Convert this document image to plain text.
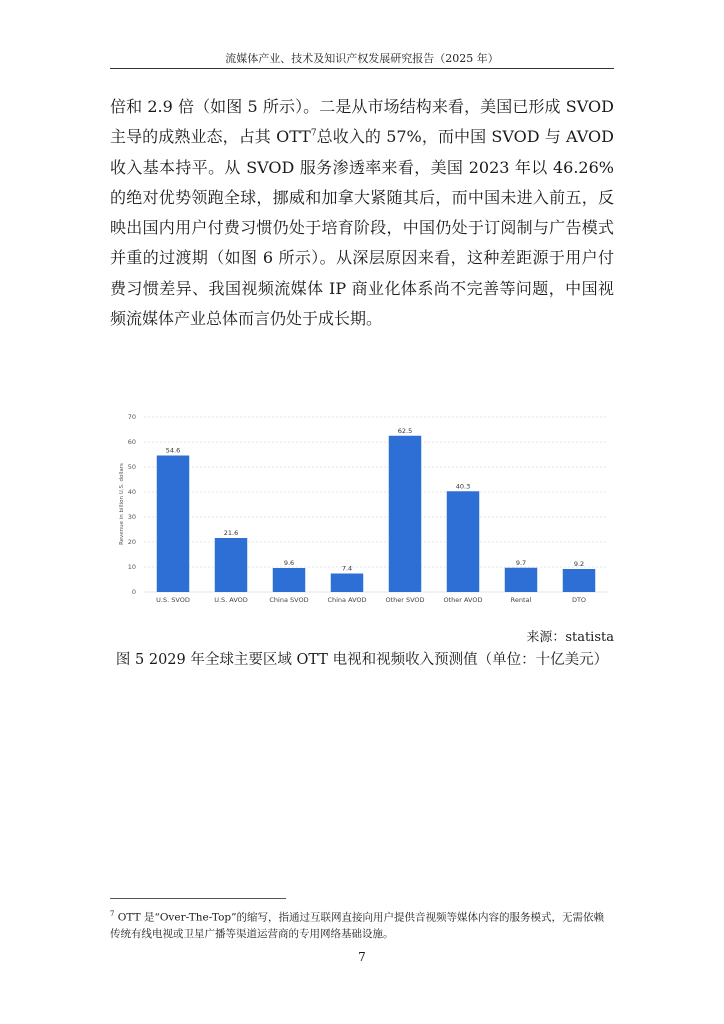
流媒体产业、技术及知识产权发展研究报告（2025 年）

倍和 2.9 倍（如图 5 所示）。二是从市场结构来看，美国已形成 SVOD 主导的成熟业态，占其 OTT$^7$总收入的 57%，而中国 SVOD 与 AVOD 收入基本持平。从 SVOD 服务渗透率来看，美国 2023 年以 46.26%的绝对优势领跑全球，挪威和加拿大紧随其后，而中国未进入前五，反映出国内用户付费习惯仍处于培育阶段，中国仍处于订阅制与广告模式并重的过渡期（如图 6 所示）。从深层原因来看，这种差距源于用户付费习惯差异、我国视频流媒体 IP 商业化体系尚不完善等问题，中国视频流媒体产业总体而言仍处于成长期。

0
10
20
30
40
50
60
70
54.6
U.S. SVOD
21.6
U.S. AVOD
9.6
China SVOD
7.4
China AVOD
62.5
Other SVOD
40.3
Other AVOD
9.7
Rental
9.2
DTO
Revenue in billion U.S. dollars
来源：statista
图 5 2029 年全球主要区域 OTT 电视和视频收入预测值（单位：十亿美元）
$^7$ OTT 是“Over-The-Top”的缩写，指通过互联网直接向用户提供音视频等媒体内容的服务模式，无需依赖传统有线电视或卫星广播等渠道运营商的专用网络基础设施。
7
